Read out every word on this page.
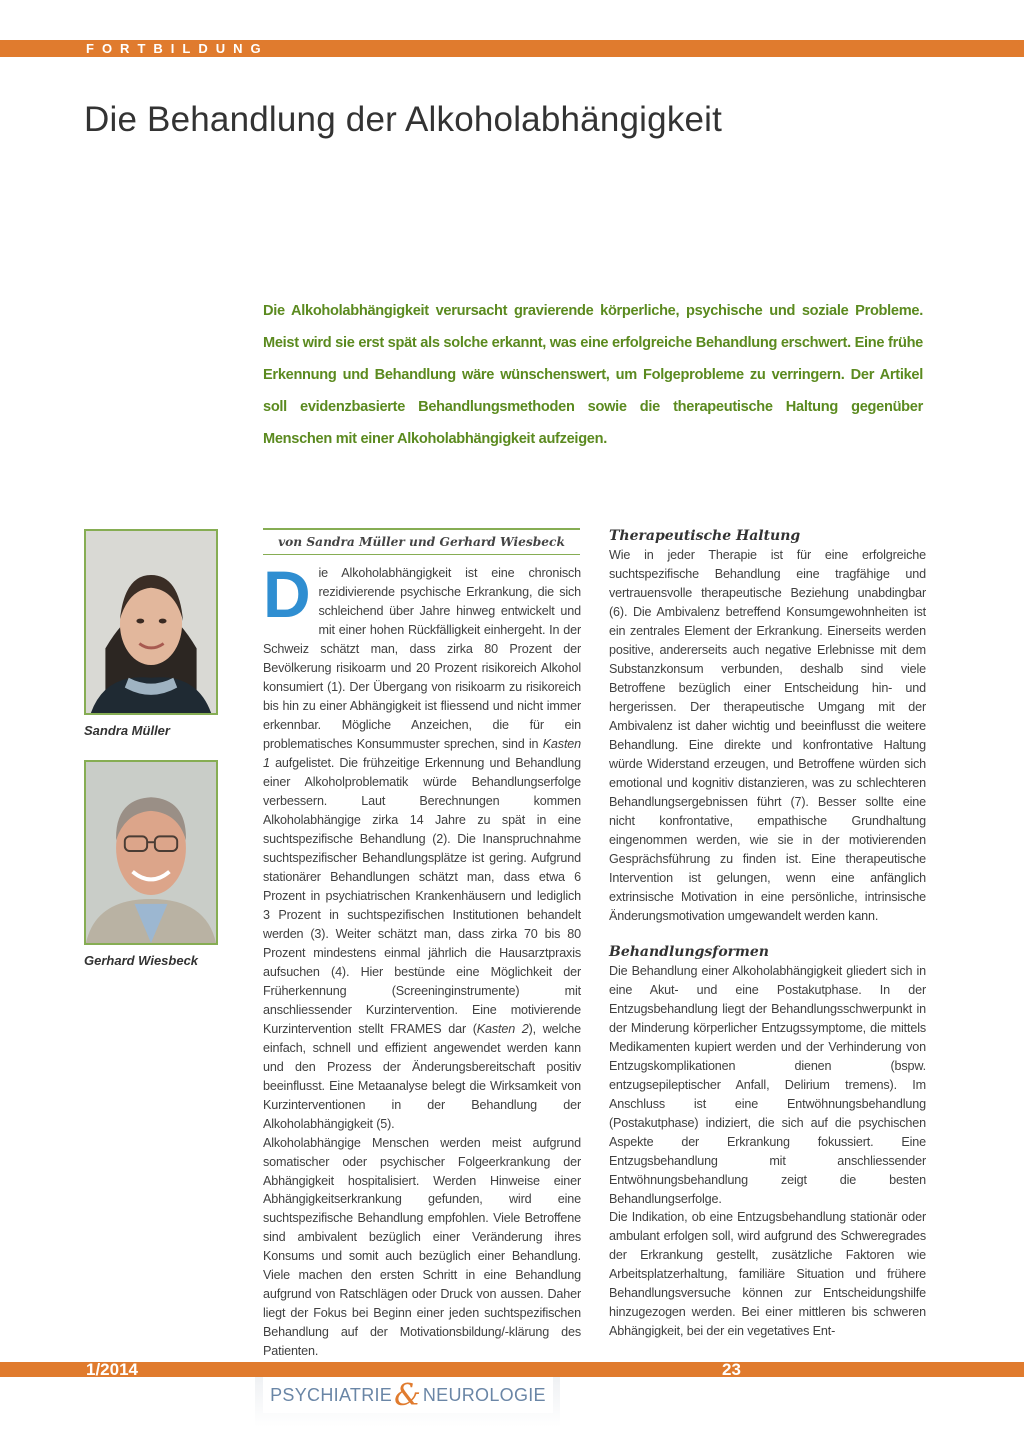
FORTBILDUNG
Die Behandlung der Alkoholabhängigkeit
Die Alkoholabhängigkeit verursacht gravierende körperliche, psychische und soziale Probleme. Meist wird sie erst spät als solche erkannt, was eine erfolgreiche Behandlung erschwert. Eine frühe Erkennung und Behandlung wäre wünschenswert, um Folgeprobleme zu verringern. Der Artikel soll evidenzbasierte Behandlungsmethoden sowie die therapeutische Haltung gegenüber Menschen mit einer Alkoholabhängigkeit aufzeigen.
Sandra Müller
Gerhard Wiesbeck
von Sandra Müller und Gerhard Wiesbeck

Die Alkoholabhängigkeit ist eine chronisch rezidivierende psychische Erkrankung, die sich schleichend über Jahre hinweg entwickelt und mit einer hohen Rückfälligkeit einhergeht. In der Schweiz schätzt man, dass zirka 80 Prozent der Bevölkerung risikoarm und 20 Prozent risikoreich Alkohol konsumiert (1). Der Übergang von risikoarm zu risikoreich bis hin zu einer Abhängigkeit ist fliessend und nicht immer erkennbar. Mögliche Anzeichen, die für ein problematisches Konsummuster sprechen, sind in Kasten 1 aufgelistet. Die frühzeitige Erkennung und Behandlung einer Alkoholproblematik würde Behandlungserfolge verbessern. Laut Berechnungen kommen Alkoholabhängige zirka 14 Jahre zu spät in eine suchtspezifische Behandlung (2). Die Inanspruchnahme suchtspezifischer Behandlungsplätze ist gering. Aufgrund stationärer Behandlungen schätzt man, dass etwa 6 Prozent in psychiatrischen Krankenhäusern und lediglich 3 Prozent in suchtspezifischen Institutionen behandelt werden (3). Weiter schätzt man, dass zirka 70 bis 80 Prozent mindestens einmal jährlich die Hausarztpraxis aufsuchen (4). Hier bestünde eine Möglichkeit der Früherkennung (Screeninginstrumente) mit anschliessender Kurzintervention. Eine motivierende Kurzintervention stellt FRAMES dar (Kasten 2), welche einfach, schnell und effizient angewendet werden kann und den Prozess der Änderungsbereitschaft positiv beeinflusst. Eine Metaanalyse belegt die Wirksamkeit von Kurzinterventionen in der Behandlung der Alkoholabhängigkeit (5).

Alkoholabhängige Menschen werden meist aufgrund somatischer oder psychischer Folgeerkrankung der Abhängigkeit hospitalisiert. Werden Hinweise einer Abhängigkeitserkrankung gefunden, wird eine suchtspezifische Behandlung empfohlen. Viele Betroffene sind ambivalent bezüglich einer Veränderung ihres Konsums und somit auch bezüglich einer Behandlung. Viele machen den ersten Schritt in eine Behandlung aufgrund von Ratschlägen oder Druck von aussen. Daher liegt der Fokus bei Beginn einer jeden suchtspezifischen Behandlung auf der Motivationsbildung/-klärung des Patienten.

Therapeutische Haltung

Wie in jeder Therapie ist für eine erfolgreiche suchtspezifische Behandlung eine tragfähige und vertrauensvolle therapeutische Beziehung unabdingbar (6). Die Ambivalenz betreffend Konsumgewohnheiten ist ein zentrales Element der Erkrankung. Einerseits werden positive, andererseits auch negative Erlebnisse mit dem Substanzkonsum verbunden, deshalb sind viele Betroffene bezüglich einer Entscheidung hin- und hergerissen. Der therapeutische Umgang mit der Ambivalenz ist daher wichtig und beeinflusst die weitere Behandlung. Eine direkte und konfrontative Haltung würde Widerstand erzeugen, und Betroffene würden sich emotional und kognitiv distanzieren, was zu schlechteren Behandlungsergebnissen führt (7). Besser sollte eine nicht konfrontative, empathische Grundhaltung eingenommen werden, wie sie in der motivierenden Gesprächsführung zu finden ist. Eine therapeutische Intervention ist gelungen, wenn eine anfänglich extrinsische Motivation in eine persönliche, intrinsische Änderungsmotivation umgewandelt werden kann.

Behandlungsformen

Die Behandlung einer Alkoholabhängigkeit gliedert sich in eine Akut- und eine Postakutphase. In der Entzugsbehandlung liegt der Behandlungsschwerpunkt in der Minderung körperlicher Entzugssymptome, die mittels Medikamenten kupiert werden und der Verhinderung von Entzugskomplikationen dienen (bspw. entzugsepileptischer Anfall, Delirium tremens). Im Anschluss ist eine Entwöhnungsbehandlung (Postakutphase) indiziert, die sich auf die psychischen Aspekte der Erkrankung fokussiert. Eine Entzugsbehandlung mit anschliessender Entwöhnungsbehandlung zeigt die besten Behandlungserfolge.

Die Indikation, ob eine Entzugsbehandlung stationär oder ambulant erfolgen soll, wird aufgrund des Schweregrades der Erkrankung gestellt, zusätzliche Faktoren wie Arbeitsplatzerhaltung, familiäre Situation und frühere Behandlungsversuche können zur Entscheidungshilfe hinzugezogen werden. Bei einer mittleren bis schweren Abhängigkeit, bei der ein vegetatives Ent-

1/2014	23
PSYCHIATRIE& NEUROLOGIE
